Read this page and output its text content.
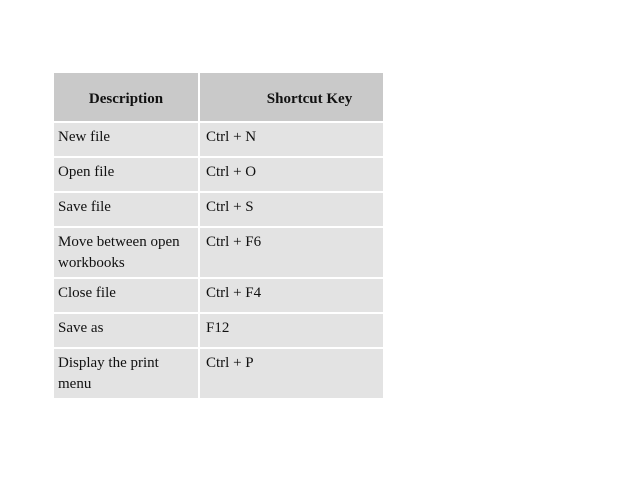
Description	Shortcut Key
New file	Ctrl + N
Open file	Ctrl + O
Save file	Ctrl + S
Move between open workbooks	Ctrl + F6
Close file	Ctrl + F4
Save as	F12
Display the print menu	Ctrl + P
